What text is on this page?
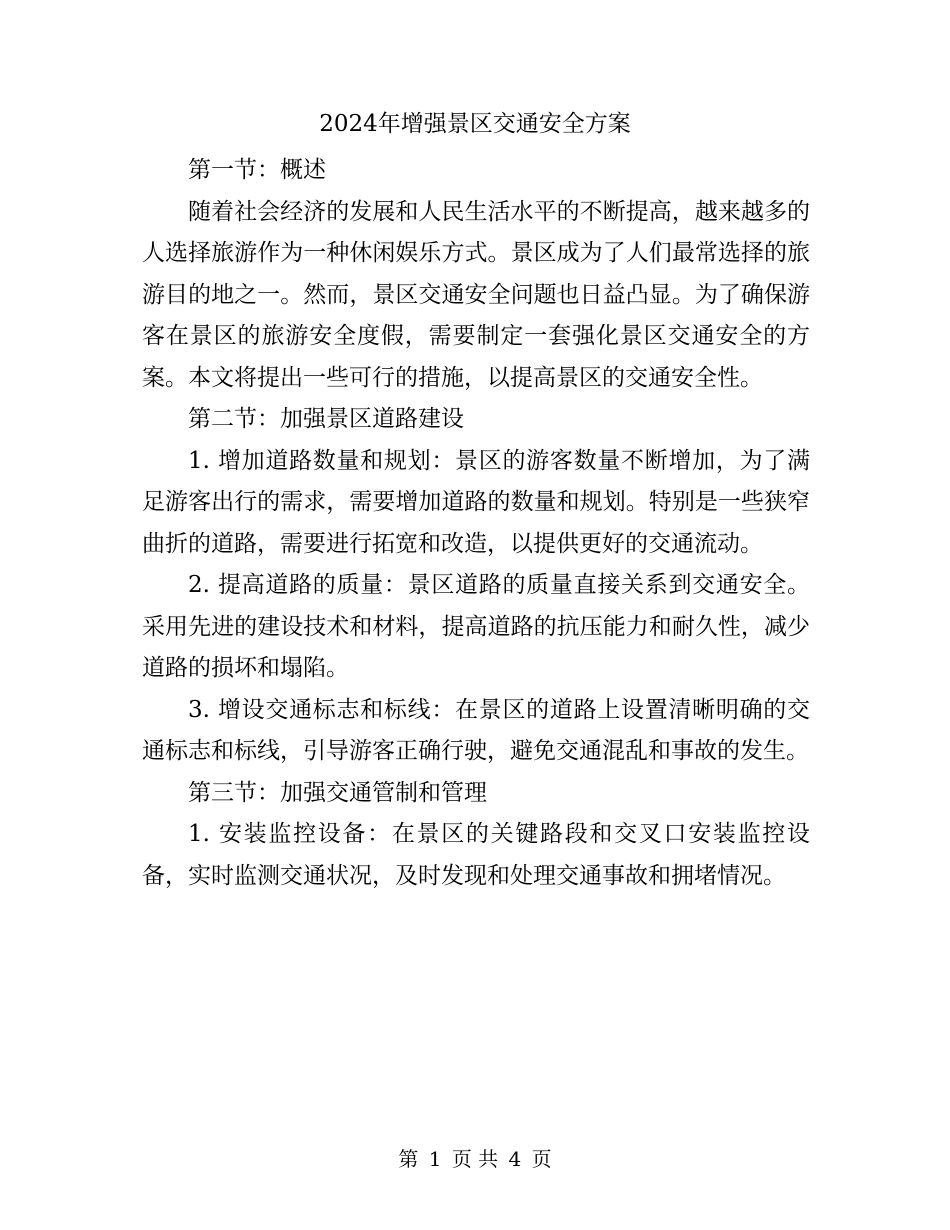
2024年增强景区交通安全方案

第一节：概述

随着社会经济的发展和人民生活水平的不断提高，越来越多的人选择旅游作为一种休闲娱乐方式。景区成为了人们最常选择的旅游目的地之一。然而，景区交通安全问题也日益凸显。为了确保游客在景区的旅游安全度假，需要制定一套强化景区交通安全的方案。本文将提出一些可行的措施，以提高景区的交通安全性。

第二节：加强景区道路建设

1. 增加道路数量和规划：景区的游客数量不断增加，为了满足游客出行的需求，需要增加道路的数量和规划。特别是一些狭窄曲折的道路，需要进行拓宽和改造，以提供更好的交通流动。

2. 提高道路的质量：景区道路的质量直接关系到交通安全。采用先进的建设技术和材料，提高道路的抗压能力和耐久性，减少道路的损坏和塌陷。

3. 增设交通标志和标线：在景区的道路上设置清晰明确的交通标志和标线，引导游客正确行驶，避免交通混乱和事故的发生。

第三节：加强交通管制和管理

1. 安装监控设备：在景区的关键路段和交叉口安装监控设备，实时监测交通状况，及时发现和处理交通事故和拥堵情况。

第 1 页 共 4 页
